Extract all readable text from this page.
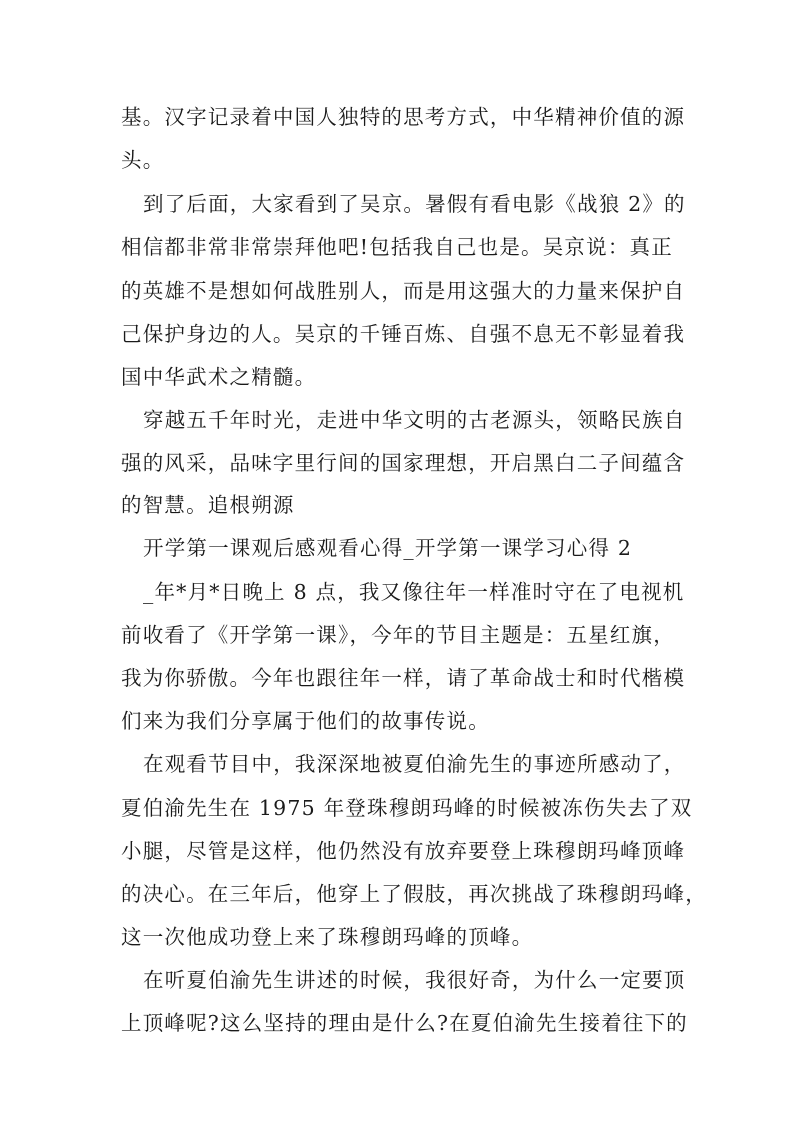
基。汉字记录着中国人独特的思考方式，中华精神价值的源
头。
到了后面，大家看到了吴京。暑假有看电影《战狼 2》的
相信都非常非常崇拜他吧!包括我自己也是。吴京说：真正
的英雄不是想如何战胜别人，而是用这强大的力量来保护自
己保护身边的人。吴京的千锤百炼、自强不息无不彰显着我
国中华武术之精髓。
穿越五千年时光，走进中华文明的古老源头，领略民族自
强的风采，品味字里行间的国家理想，开启黑白二子间蕴含
的智慧。追根朔源
开学第一课观后感观看心得_开学第一课学习心得 2
_年*月*日晚上 8 点，我又像往年一样准时守在了电视机
前收看了《开学第一课》，今年的节目主题是：五星红旗，
我为你骄傲。今年也跟往年一样，请了革命战士和时代楷模
们来为我们分享属于他们的故事传说。
在观看节目中，我深深地被夏伯渝先生的事迹所感动了，
夏伯渝先生在 1975 年登珠穆朗玛峰的时候被冻伤失去了双
小腿，尽管是这样，他仍然没有放弃要登上珠穆朗玛峰顶峰
的决心。在三年后，他穿上了假肢，再次挑战了珠穆朗玛峰，
这一次他成功登上来了珠穆朗玛峰的顶峰。
在听夏伯渝先生讲述的时候，我很好奇，为什么一定要顶
上顶峰呢?这么坚持的理由是什么?在夏伯渝先生接着往下的
